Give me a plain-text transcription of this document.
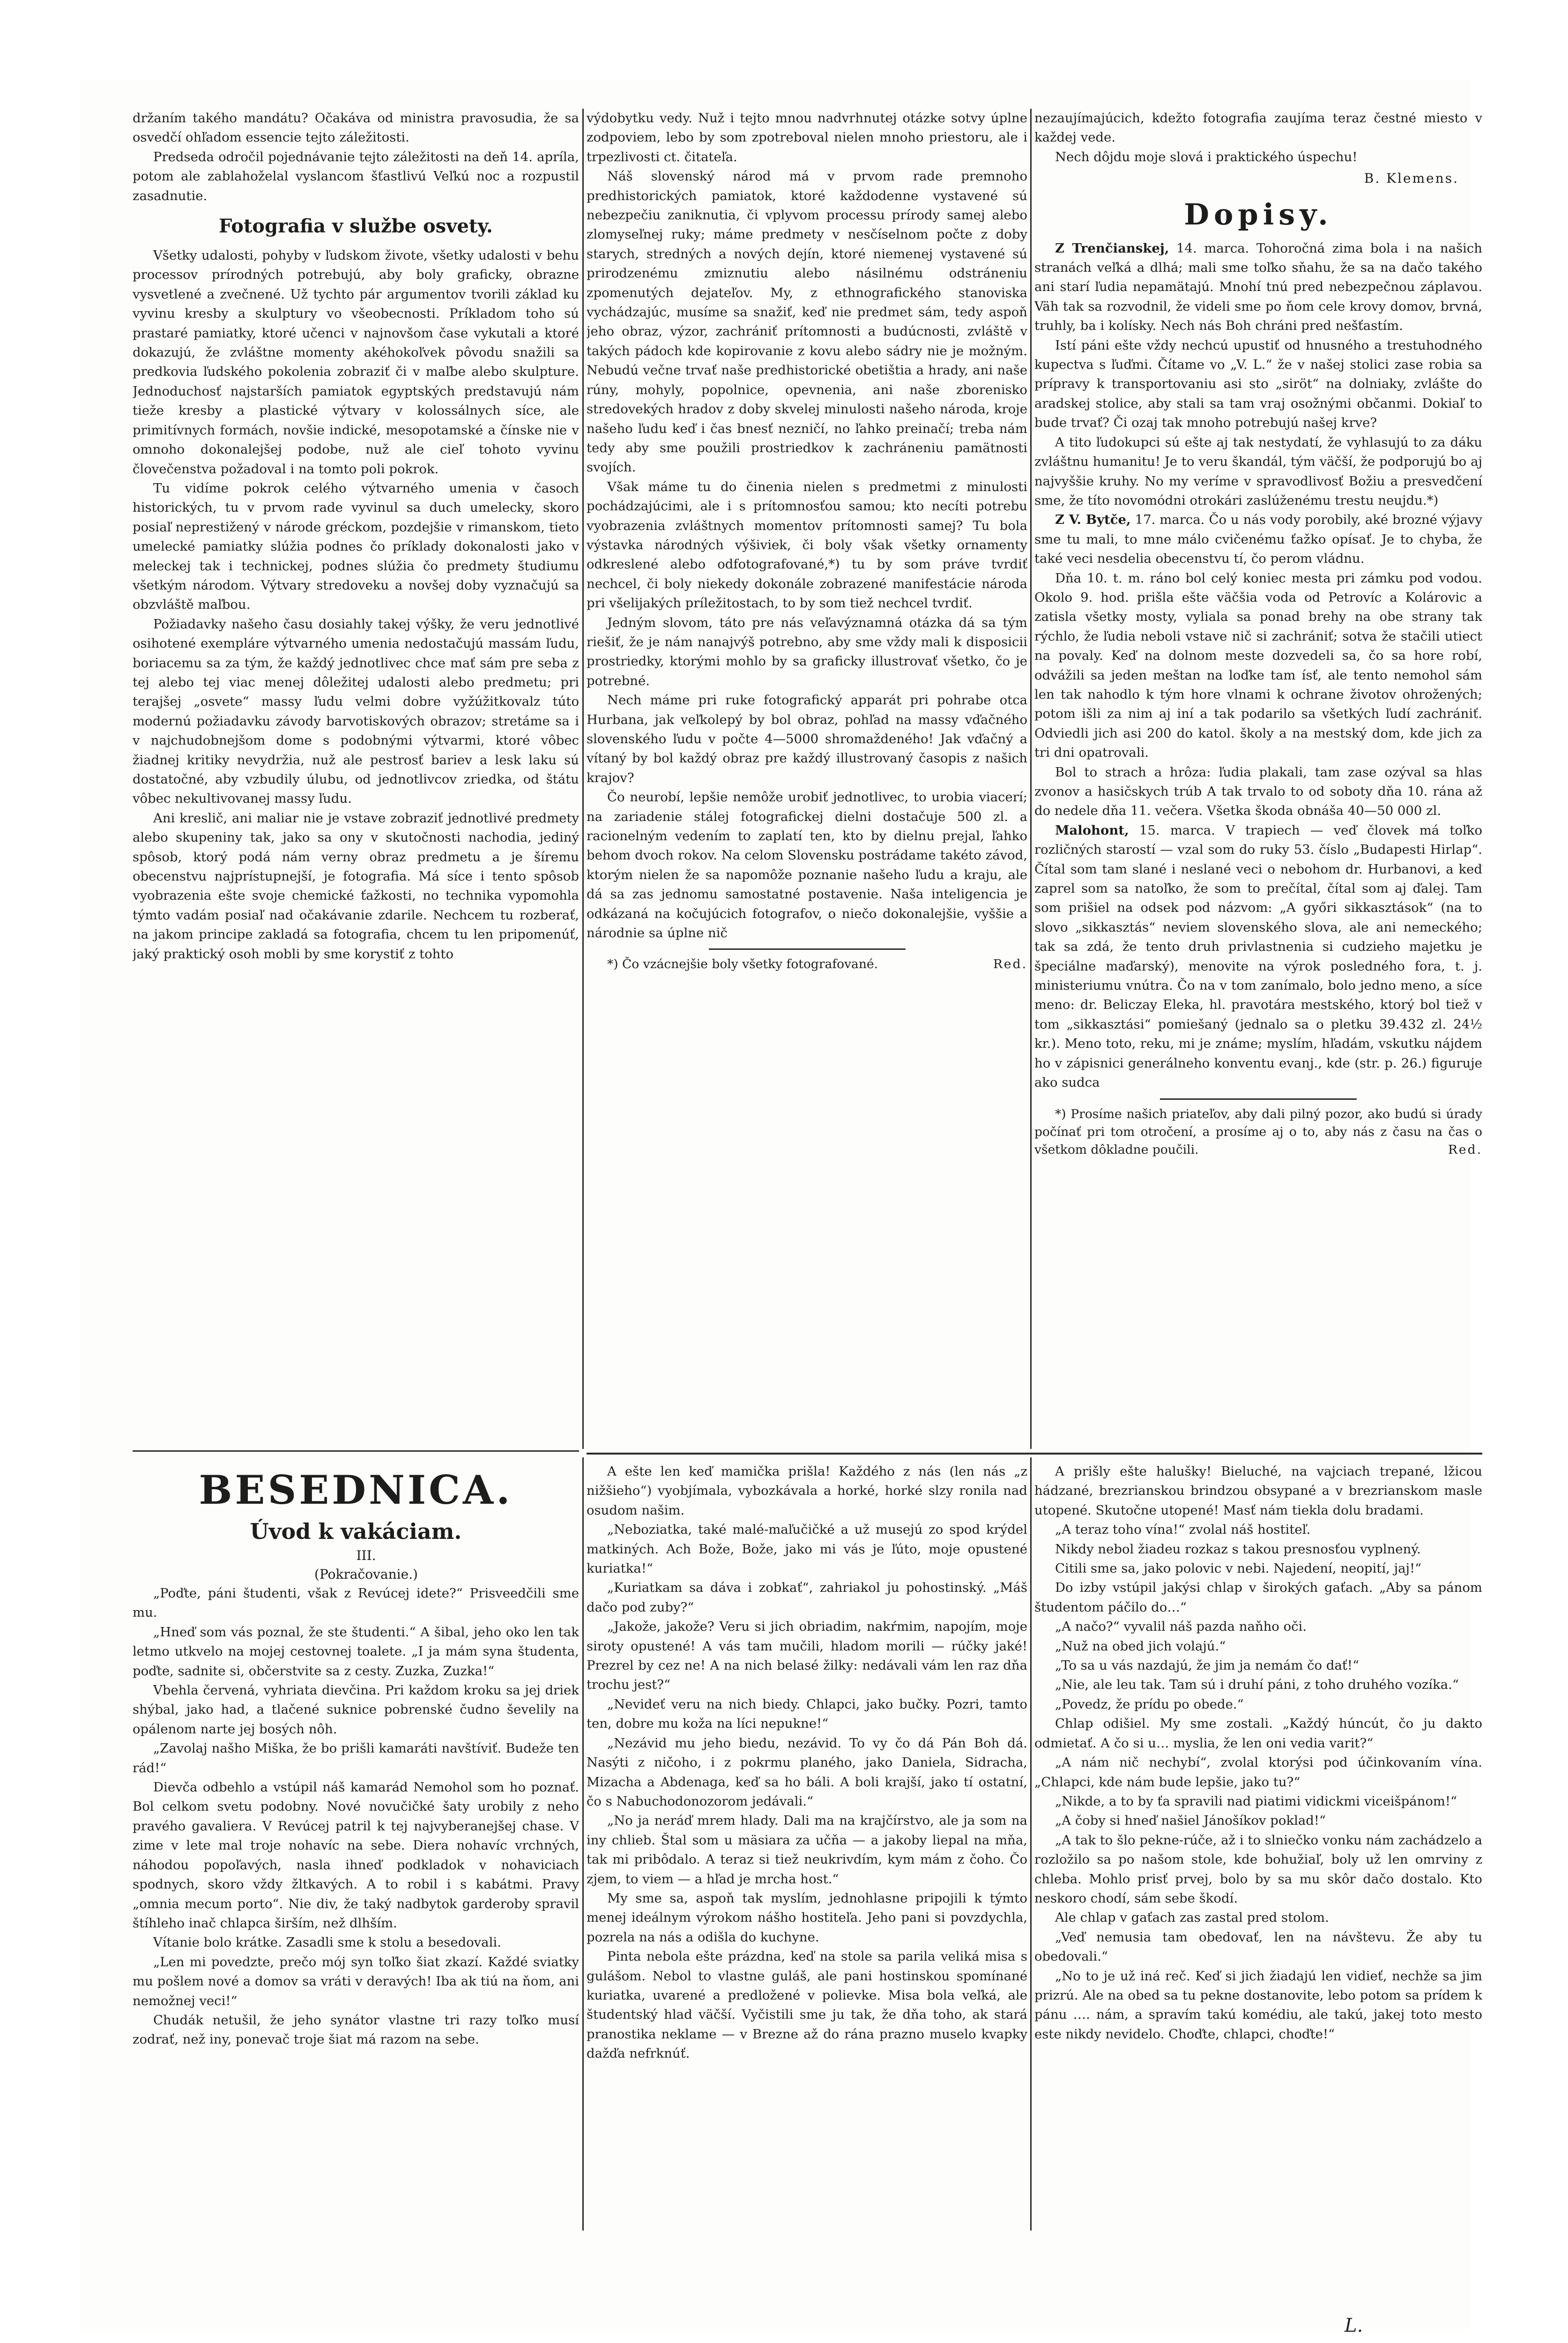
držaním takého mandátu? Očakáva od ministra pravosudia, že sa osvedčí ohľadom essencie tejto záležitosti.

Predseda odročil pojednávanie tejto záležitosti na deň 14. apríla, potom ale zablahoželal vyslancom šťastlivú Veľkú noc a rozpustil zasadnutie.

Fotografia v službe osvety.

Všetky udalosti, pohyby v ľudskom živote, všetky udalosti v behu processov prírodných potrebujú, aby boly graficky, obrazne vysvetlené a zvečnené. Už tychto pár argumentov tvorili základ ku vyvinu kresby a skulptury vo všeobecnosti. Príkladom toho sú prastaré pamiatky, ktoré učenci v najnovšom čase vykutali a ktoré dokazujú, že zvláštne momenty akéhokoľvek pôvodu snažili sa predkovia ľudského pokolenia zobraziť či v maľbe alebo skulpture. Jednoduchosť najstarších pamiatok egyptských predstavujú nám tieže kresby a plastické výtvary v kolossálnych síce, ale primitívnych formách, novšie indické, mesopotamské a čínske nie v omnoho dokonalejšej podobe, nuž ale cieľ tohoto vyvinu človečenstva požadoval i na tomto poli pokrok.

Tu vidíme pokrok celého výtvarného umenia v časoch historických, tu v prvom rade vyvinul sa duch umelecky, skoro posiaľ neprestižený v národe gréckom, pozdejšie v rimanskom, tieto umelecké pamiatky slúžia podnes čo príklady dokonalosti jako v meleckej tak i technickej, podnes slúžia čo predmety študiumu všetkým národom. Výtvary stredoveku a novšej doby vyznačujú sa obzvláště maľbou.

Požiadavky našeho času dosiahly takej výšky, že veru jednotlivé osihotené exempláre výtvarného umenia nedostačujú massám ľudu, boriacemu sa za tým, že každý jednotlivec chce mať sám pre seba z tej alebo tej viac menej dôležitej udalosti alebo predmetu; pri terajšej „osvete“ massy ľudu velmi dobre vyžúžitkovalz túto modernú požiadavku závody barvotiskových obrazov; stretáme sa i v najchudobnejšom dome s podobnými výtvarmi, ktoré vôbec žiadnej kritiky nevydržia, nuž ale pestrosť bariev a lesk laku sú dostatočné, aby vzbudily úlubu, od jednotlivcov zriedka, od štátu vôbec nekultivovanej massy ľudu.

Ani kreslič, ani maliar nie je vstave zobraziť jednotlivé predmety alebo skupeniny tak, jako sa ony v skutočnosti nachodia, jediný spôsob, ktorý podá nám verny obraz predmetu a je šíremu obecenstvu najprístupnejší, je fotografia. Má síce i tento spôsob vyobrazenia ešte svoje chemické ťažkosti, no technika vypomohla týmto vadám posiaľ nad očakávanie zdarile. Nechcem tu rozberať, na jakom principe zakladá sa fotografia, chcem tu len pripomenúť, jaký praktický osoh mobli by sme korystiť z tohto

výdobytku vedy. Nuž i tejto mnou nadvrhnutej otázke sotvy úplne zodpoviem, lebo by som zpotreboval nielen mnoho priestoru, ale i trpezlivosti ct. čitateľa.

Náš slovenský národ má v prvom rade premnoho predhistorických pamiatok, ktoré každodenne vystavené sú nebezpečiu zaniknutia, či vplyvom processu prírody samej alebo zlomyseľnej ruky; máme predmety v nesčíselnom počte z doby starych, stredných a nových dejín, ktoré niemenej vystavené sú prirodzenému zmiznutiu alebo násilnému odstráneniu zpomenutých dejateľov. My, z ethnografického stanoviska vychádzajúc, musíme sa snažiť, keď nie predmet sám, tedy aspoň jeho obraz, výzor, zachrániť prítomnosti a budúcnosti, zvláště v takých pádoch kde kopirovanie z kovu alebo sádry nie je možným. Nebudú večne trvať naše predhistorické obetištia a hrady, ani naše rúny, mohyly, popolnice, opevnenia, ani naše zborenisko stredovekých hradov z doby skvelej minulosti našeho národa, kroje našeho ľudu keď i čas bnesť nezničí, no ľahko preinačí; treba nám tedy aby sme použili prostriedkov k zachráneniu pamätnosti svojích.

Však máme tu do činenia nielen s predmetmi z minulosti pochádzajúcimi, ale i s prítomnosťou samou; kto necíti potrebu vyobrazenia zvláštnych momentov prítomnosti samej? Tu bola výstavka národných výšiviek, či boly však všetky ornamenty odkreslené alebo odfotografované,*) tu by som práve tvrdiť nechcel, či boly niekedy dokonále zobrazené manifestácie národa pri všelijakých príležitostach, to by som tiež nechcel tvrdiť.

Jedným slovom, táto pre nás veľavýznamná otázka dá sa tým riešiť, že je nám nanajvýš potrebno, aby sme vždy mali k disposicii prostriedky, ktorými mohlo by sa graficky illustrovať všetko, čo je potrebné.

Nech máme pri ruke fotografický apparát pri pohrabe otca Hurbana, jak veľkolepý by bol obraz, pohľad na massy vďačného slovenského ľudu v počte 4—5000 shromaždeného! Jak vďačný a vítaný by bol každý obraz pre každý illustrovaný časopis z našich krajov?

Čo neurobí, lepšie nemôže urobiť jednotlivec, to urobia viacerí; na zariadenie stálej fotografickej dielni dostačuje 500 zl. a racionelným vedením to zaplatí ten, kto by dielnu prejal, ľahko behom dvoch rokov. Na celom Slovensku postrádame takéto závod, ktorým nielen že sa napomôže poznanie našeho ľudu a kraju, ale dá sa zas jednomu samostatné postavenie. Naša inteligencia je odkázaná na kočujúcich fotografov, o niečo dokonalejšie, vyššie a národnie sa úplne nič

*) Čo vzácnejšie boly všetky fotografované.	Red.

nezaujímajúcich, kdežto fotografia zaujíma teraz čestné miesto v každej vede.

Nech dôjdu moje slová i praktického úspechu!

B. Klemens.
Dopisy.

Z Trenčianskej, 14. marca. Tohoročná zima bola i na našich stranách veľká a dlhá; mali sme toľko sňahu, že sa na dačo takého ani starí ľudia nepamätajú. Mnohí tnú pred nebezpečnou záplavou. Väh tak sa rozvodnil, že videli sme po ňom cele krovy domov, brvná, truhly, ba i kolísky. Nech nás Boh chráni pred nešťastím.

Istí páni ešte vždy nechcú upustiť od hnusného a trestuhodného kupectva s ľuďmi. Čítame vo „V. L.“ že v našej stolici zase robia sa prípravy k transportovaniu asi sto „siröt“ na dolniaky, zvlášte do aradskej stolice, aby stali sa tam vraj osožnými občanmi. Dokiaľ to bude trvať? Či ozaj tak mnoho potrebujú našej krve?

A tito ľudokupci sú ešte aj tak nestydatí, že vyhlasujú to za dáku zvláštnu humanitu! Je to veru škandál, tým väčší, že podporujú bo aj najvyššie kruhy. No my veríme v spravodlivosť Božiu a presvedčení sme, že títo novomódni otrokári zaslúženému trestu neujdu.*)

Z V. Bytče, 17. marca. Čo u nás vody porobily, aké brozné výjavy sme tu mali, to mne málo cvičenému ťažko opísať. Je to chyba, že také veci nesdelia obecenstvu tí, čo perom vládnu.

Dňa 10. t. m. ráno bol celý koniec mesta pri zámku pod vodou. Okolo 9. hod. prišla ešte väčšia voda od Petrovíc a Kolárovic a zatisla všetky mosty, vyliala sa ponad brehy na obe strany tak rýchlo, že ľudia neboli vstave nič si zachrániť; sotva že stačili utiect na povaly. Keď na dolnom meste dozvedeli sa, čo sa hore robí, odvážili sa jeden meštan na loďke tam ísť, ale tento nemohol sám len tak nahodlo k tým hore vlnami k ochrane životov ohrožených; potom išli za nim aj iní a tak podarilo sa všetkých ľudí zachrániť. Odviedli jich asi 200 do katol. školy a na mestský dom, kde jich za tri dni opatrovali.

Bol to strach a hrôza: ľudia plakali, tam zase ozýval sa hlas zvonov a hasičskych trúb A tak trvalo to od soboty dňa 10. rána až do nedele dňa 11. večera. Všetka škoda obnáša 40—50 000 zl.

Malohont, 15. marca. V trapiech — veď človek má toľko rozličných starostí — vzal som do ruky 53. číslo „Budapesti Hirlap“. Čítal som tam slané i neslané veci o nebohom dr. Hurbanovi, a keď zaprel som sa natoľko, že som to prečítal, čítal som aj ďalej. Tam som prišiel na odsek pod názvom: „A győri sikkasztások“ (na to slovo „sikkasztás“ neviem slovenského slova, ale ani nemeckého; tak sa zdá, že tento druh privlastnenia si cudzieho majetku je špeciálne maďarský), menovite na výrok posledného fora, t. j. ministeriumu vnútra. Čo na v tom zanímalo, bolo jedno meno, a síce meno: dr. Beliczay Eleka, hl. pravotára mestského, ktorý bol tiež v tom „sikkasztási“ pomiešaný (jednalo sa o pletku 39.432 zl. 24½ kr.). Meno toto, reku, mi je známe; myslím, hľadám, vskutku nájdem ho v zápisnici generálneho konventu evanj., kde (str. p. 26.) figuruje ako sudca

*) Prosíme našich priateľov, aby dali pilný pozor, ako budú si úrady počínať pri tom otročení, a prosíme aj o to, aby nás z času na čas o všetkom dôkladne poučili.	Red.

BESEDNICA.
Úvod k vakáciam.

III.

(Pokračovanie.)

„Poďte, páni študenti, však z Revúcej idete?“ Prisveedčili sme mu.

„Hneď som vás poznal, že ste študenti.“ A šibal, jeho oko len tak letmo utkvelo na mojej cestovnej toalete. „I ja mám syna študenta, poďte, sadnite si, občerstvite sa z cesty. Zuzka, Zuzka!“

Vbehla červená, vyhriata dievčina. Pri každom kroku sa jej driek shýbal, jako had, a tlačené suknice pobrenské čudno ševelily na opálenom narte jej bosých nôh.

„Zavolaj našho Miška, že bo prišli kamaráti navštíviť. Budeže ten rád!“

Dievča odbehlo a vstúpil náš kamarád Nemohol som ho poznať. Bol celkom svetu podobny. Nové novučičké šaty urobily z neho pravého gavaliera. V Revúcej patril k tej najvyberanejšej chase. V zime v lete mal troje nohavíc na sebe. Diera nohavíc vrchných, náhodou popoľavých, nasla ihneď podkladok v nohaviciach spodnych, skoro vždy žltkavých. A to robil i s kabátmi. Pravy „omnia mecum porto“. Nie div, že taký nadbytok garderoby spravil štíhleho inač chlapca širším, než dlhším.

Vítanie bolo krátke. Zasadli sme k stolu a besedovali.

„Len mi povedzte, prečo mój syn toľko šiat zkazí. Každé sviatky mu pošlem nové a domov sa vráti v deravých! Iba ak tiú na ňom, ani nemožnej veci!“

Chudák netušil, že jeho synátor vlastne tri razy toľko musí zodrať, než iny, ponevač troje šiat má razom na sebe.

A ešte len keď mamička prišla! Každého z nás (len nás „z nižšieho“) vyobjímala, vybozkávala a horké, horké slzy ronila nad osudom našim.

„Neboziatka, také malé-maľučičké a už musejú zo spod krýdel matkiných. Ach Bože, Bože, jako mi vás je ľúto, moje opustené kuriatka!“

„Kuriatkam sa dáva i zobkať“, zahriakol ju pohostinský. „Máš dačo pod zuby?“

„Jakože, jakože? Veru si jich obriadim, nakŕmim, napojím, moje siroty opustené! A vás tam mučili, hladom morili — rúčky jaké! Prezrel by cez ne! A na nich belasé žilky: nedávali vám len raz dňa trochu jest?“

„Nevideť veru na nich biedy. Chlapci, jako bučky. Pozri, tamto ten, dobre mu koža na líci nepukne!“

„Nezávid mu jeho biedu, nezávid. To vy čo dá Pán Boh dá. Nasýti z ničoho, i z pokrmu planého, jako Daniela, Sidracha, Mizacha a Abdenaga, keď sa ho báli. A boli krajší, jako tí ostatní, čo s Nabuchodonozorom jedávali.“

„No ja neráď mrem hlady. Dali ma na krajčírstvo, ale ja som na iny chlieb. Štal som u mäsiara za učňa — a jakoby liepal na mňa, tak mi pribôdalo. A teraz si tiež neukrivdím, kym mám z čoho. Čo zjem, to viem — a hľad je mrcha host.“

My sme sa, aspoň tak myslím, jednohlasne pripojili k týmto menej ideálnym výrokom nášho hostiteľa. Jeho pani si povzdychla, pozrela na nás a odišla do kuchyne.

Pinta nebola ešte prázdna, keď na stole sa parila veliká misa s gulášom. Nebol to vlastne guláš, ale pani hostinskou spomínané kuriatka, uvarené a predložené v polievke. Misa bola veľká, ale študentský hlad väčší. Vyčistili sme ju tak, že dňa toho, ak stará pranostika neklame — v Brezne až do rána prazno muselo kvapky dažďa nefrknúť.

A prišly ešte halušky! Bieluché, na vajciach trepané, lžicou hádzané, brezrianskou brindzou obsypané a v brezrianskom masle utopené. Skutočne utopené! Masť nám tiekla dolu bradami.

„A teraz toho vína!“ zvolal náš hostiteľ.

Nikdy nebol žiadeu rozkaz s takou presnosťou vyplnený.

Citili sme sa, jako polovic v nebi. Najedení, neopití, jaj!“

Do izby vstúpil jakýsi chlap v širokých gaťach. „Aby sa pánom študentom páčilo do…“

„A načo?“ vyvalil náš pazda naňho oči.

„Nuž na obed jich volajú.“

„To sa u vás nazdajú, že jim ja nemám čo dať!“

„Nie, ale leu tak. Tam sú i druhí páni, z toho druhého vozíka.“

„Povedz, že prídu po obede.“

Chlap odišiel. My sme zostali. „Každý húncút, čo ju dakto odmietať. A čo si u… myslia, že len oni vedia varit?“

„A nám nič nechybí“, zvolal ktorýsi pod účinkovaním vína. „Chlapci, kde nám bude lepšie, jako tu?“

„Nikde, a to by ťa spravili nad piatimi vidickmi viceišpánom!“

„A čoby si hneď našiel Jánošíkov poklad!“

„A tak to šlo pekne-rúče, až i to slniečko vonku nám zachádzelo a rozložilo sa po našom stole, kde bohužiaľ, boly už len omrviny z chleba. Mohlo prisť prvej, bolo by sa mu skôr dačo dostalo. Kto neskoro chodí, sám sebe škodí.

Ale chlap v gaťach zas zastal pred stolom.

„Veď nemusia tam obedovať, len na návštevu. Že aby tu obedovali.“

„No to je už iná reč. Keď si jich žiadajú len vidieť, nechže sa jim prizrú. Ale na obed sa tu pekne dostanovite, lebo potom sa prídem k pánu …. nám, a spravím takú komédiu, ale takú, jakej toto mesto este nikdy nevidelo. Choďte, chlapci, choďte!“

L.
